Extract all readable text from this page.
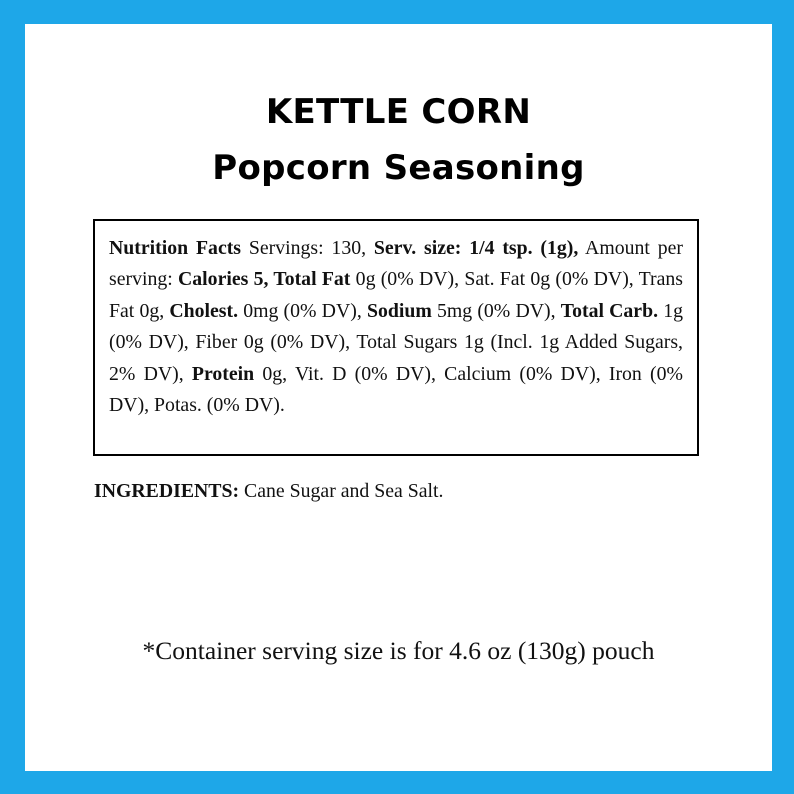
KETTLE CORN
Popcorn Seasoning
Nutrition Facts Servings: 130, Serv. size: 1/4 tsp. (1g), Amount per serving: Calories 5, Total Fat 0g (0% DV), Sat. Fat 0g (0% DV), Trans Fat 0g, Cholest. 0mg (0% DV), Sodium 5mg (0% DV), Total Carb. 1g (0% DV), Fiber 0g (0% DV), Total Sugars 1g (Incl. 1g Added Sugars, 2% DV), Protein 0g, Vit. D (0% DV), Calcium (0% DV), Iron (0% DV), Potas. (0% DV).
INGREDIENTS: Cane Sugar and Sea Salt.
*Container serving size is for 4.6 oz (130g) pouch
